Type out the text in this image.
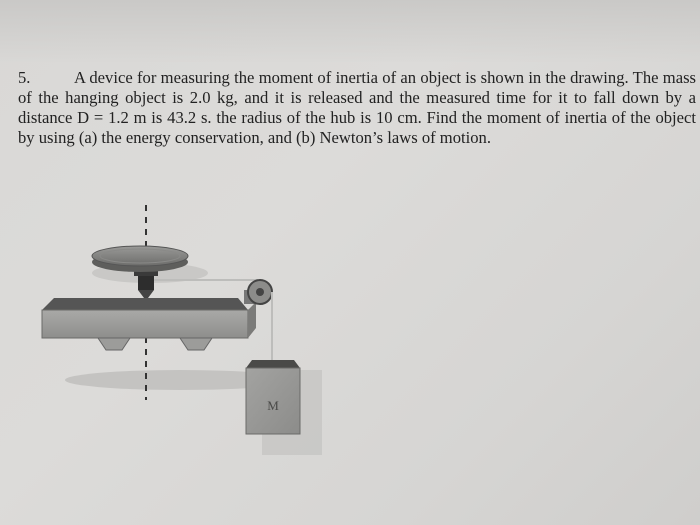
5.	A device for measuring the moment of inertia of an object is shown in the drawing. The mass of the hanging object is 2.0 kg, and it is released and the measured time for it to fall down by a distance D = 1.2 m is 43.2 s. the radius of the hub is 10 cm. Find the moment of inertia of the object by using (a) the energy conservation, and (b) Newton’s laws of motion.

M
